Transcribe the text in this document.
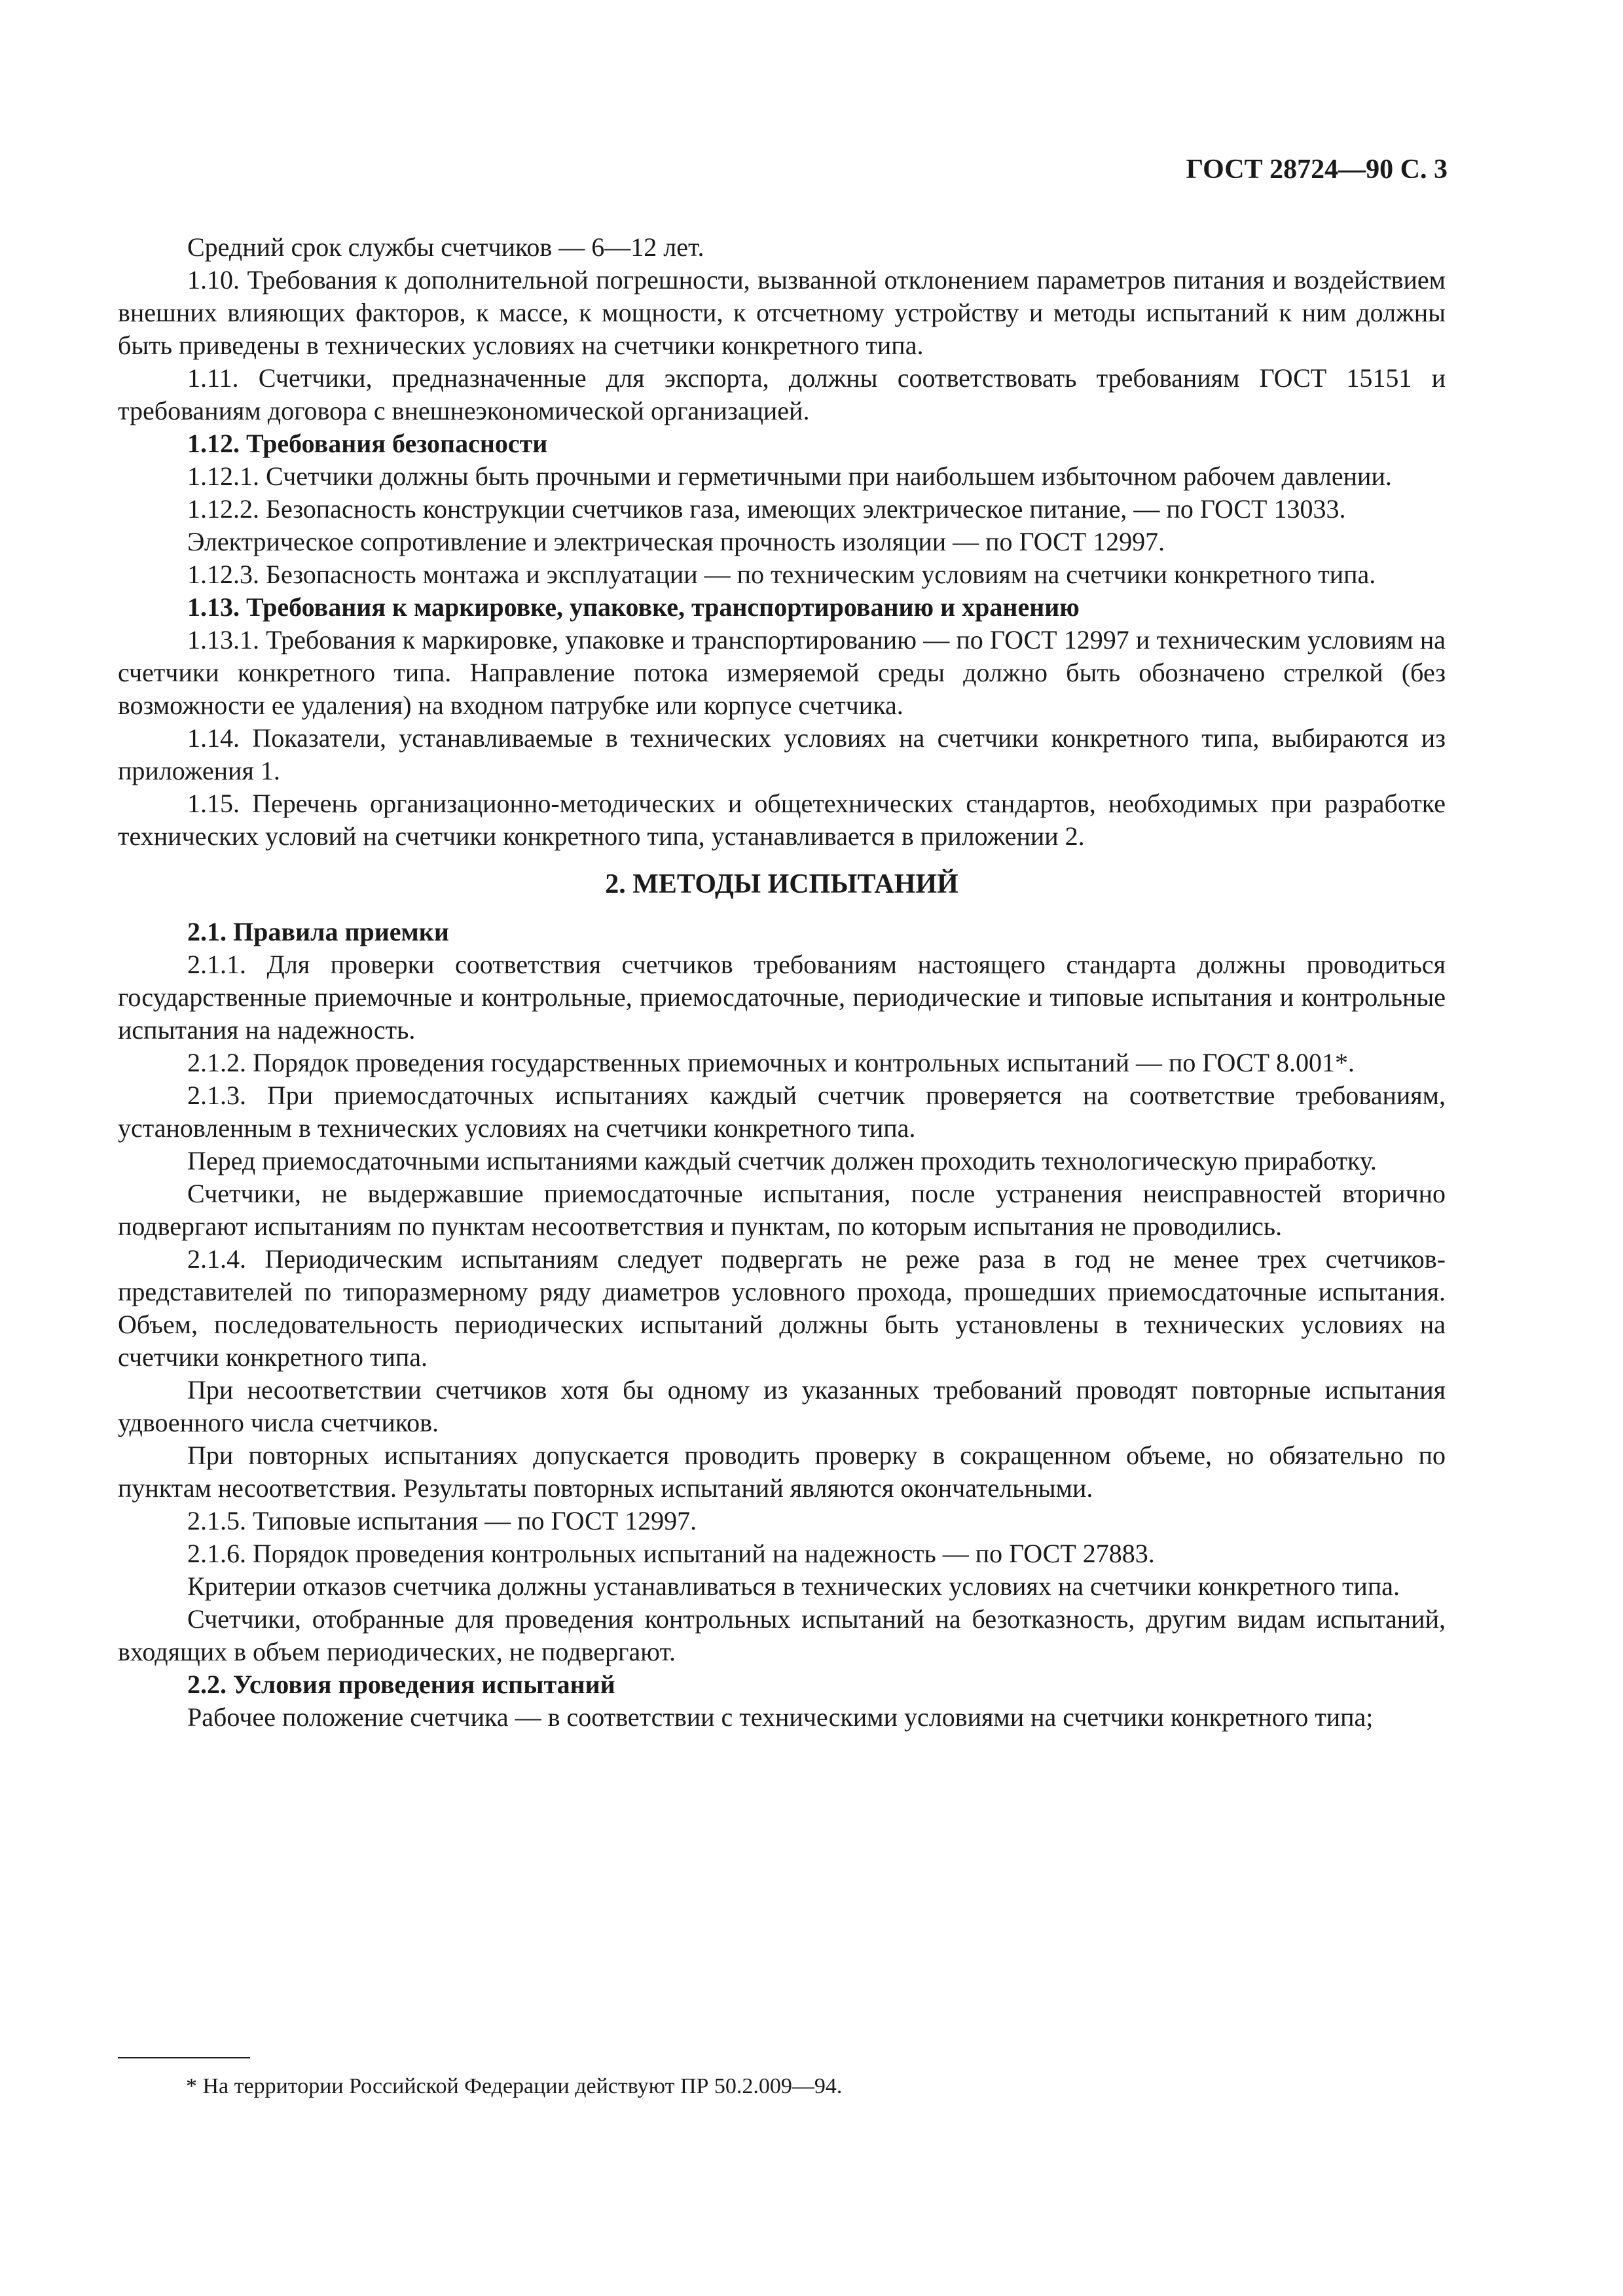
ГОСТ 28724—90 С. 3

Средний срок службы счетчиков — 6—12 лет.

1.10. Требования к дополнительной погрешности, вызванной отклонением параметров питания и воздействием внешних влияющих факторов, к массе, к мощности, к отсчетному устройству и методы испытаний к ним должны быть приведены в технических условиях на счетчики конкретного типа.

1.11. Счетчики, предназначенные для экспорта, должны соответствовать требованиям ГОСТ 15151 и требованиям договора с внешнеэкономической организацией.

1.12. Требования безопасности

1.12.1. Счетчики должны быть прочными и герметичными при наибольшем избыточном рабочем давлении.

1.12.2. Безопасность конструкции счетчиков газа, имеющих электрическое питание, — по ГОСТ 13033.

Электрическое сопротивление и электрическая прочность изоляции — по ГОСТ 12997.

1.12.3. Безопасность монтажа и эксплуатации — по техническим условиям на счетчики конкретного типа.

1.13. Требования к маркировке, упаковке, транспортированию и хранению

1.13.1. Требования к маркировке, упаковке и транспортированию — по ГОСТ 12997 и техническим условиям на счетчики конкретного типа. Направление потока измеряемой среды должно быть обозначено стрелкой (без возможности ее удаления) на входном патрубке или корпусе счетчика.

1.14. Показатели, устанавливаемые в технических условиях на счетчики конкретного типа, выбираются из приложения 1.

1.15. Перечень организационно-методических и общетехнических стандартов, необходимых при разработке технических условий на счетчики конкретного типа, устанавливается в приложении 2.

2. МЕТОДЫ ИСПЫТАНИЙ

2.1. Правила приемки

2.1.1. Для проверки соответствия счетчиков требованиям настоящего стандарта должны проводиться государственные приемочные и контрольные, приемосдаточные, периодические и типовые испытания и контрольные испытания на надежность.

2.1.2. Порядок проведения государственных приемочных и контрольных испытаний — по ГОСТ 8.001*.

2.1.3. При приемосдаточных испытаниях каждый счетчик проверяется на соответствие требованиям, установленным в технических условиях на счетчики конкретного типа.

Перед приемосдаточными испытаниями каждый счетчик должен проходить технологическую приработку.

Счетчики, не выдержавшие приемосдаточные испытания, после устранения неисправностей вторично подвергают испытаниям по пунктам несоответствия и пунктам, по которым испытания не проводились.

2.1.4. Периодическим испытаниям следует подвергать не реже раза в год не менее трех счетчиков-представителей по типоразмерному ряду диаметров условного прохода, прошедших приемосдаточные испытания. Объем, последовательность периодических испытаний должны быть установлены в технических условиях на счетчики конкретного типа.

При несоответствии счетчиков хотя бы одному из указанных требований проводят повторные испытания удвоенного числа счетчиков.

При повторных испытаниях допускается проводить проверку в сокращенном объеме, но обязательно по пунктам несоответствия. Результаты повторных испытаний являются окончательными.

2.1.5. Типовые испытания — по ГОСТ 12997.

2.1.6. Порядок проведения контрольных испытаний на надежность — по ГОСТ 27883.

Критерии отказов счетчика должны устанавливаться в технических условиях на счетчики конкретного типа.

Счетчики, отобранные для проведения контрольных испытаний на безотказность, другим видам испытаний, входящих в объем периодических, не подвергают.

2.2. Условия проведения испытаний

Рабочее положение счетчика — в соответствии с техническими условиями на счетчики конкретного типа;

* На территории Российской Федерации действуют ПР 50.2.009—94.
